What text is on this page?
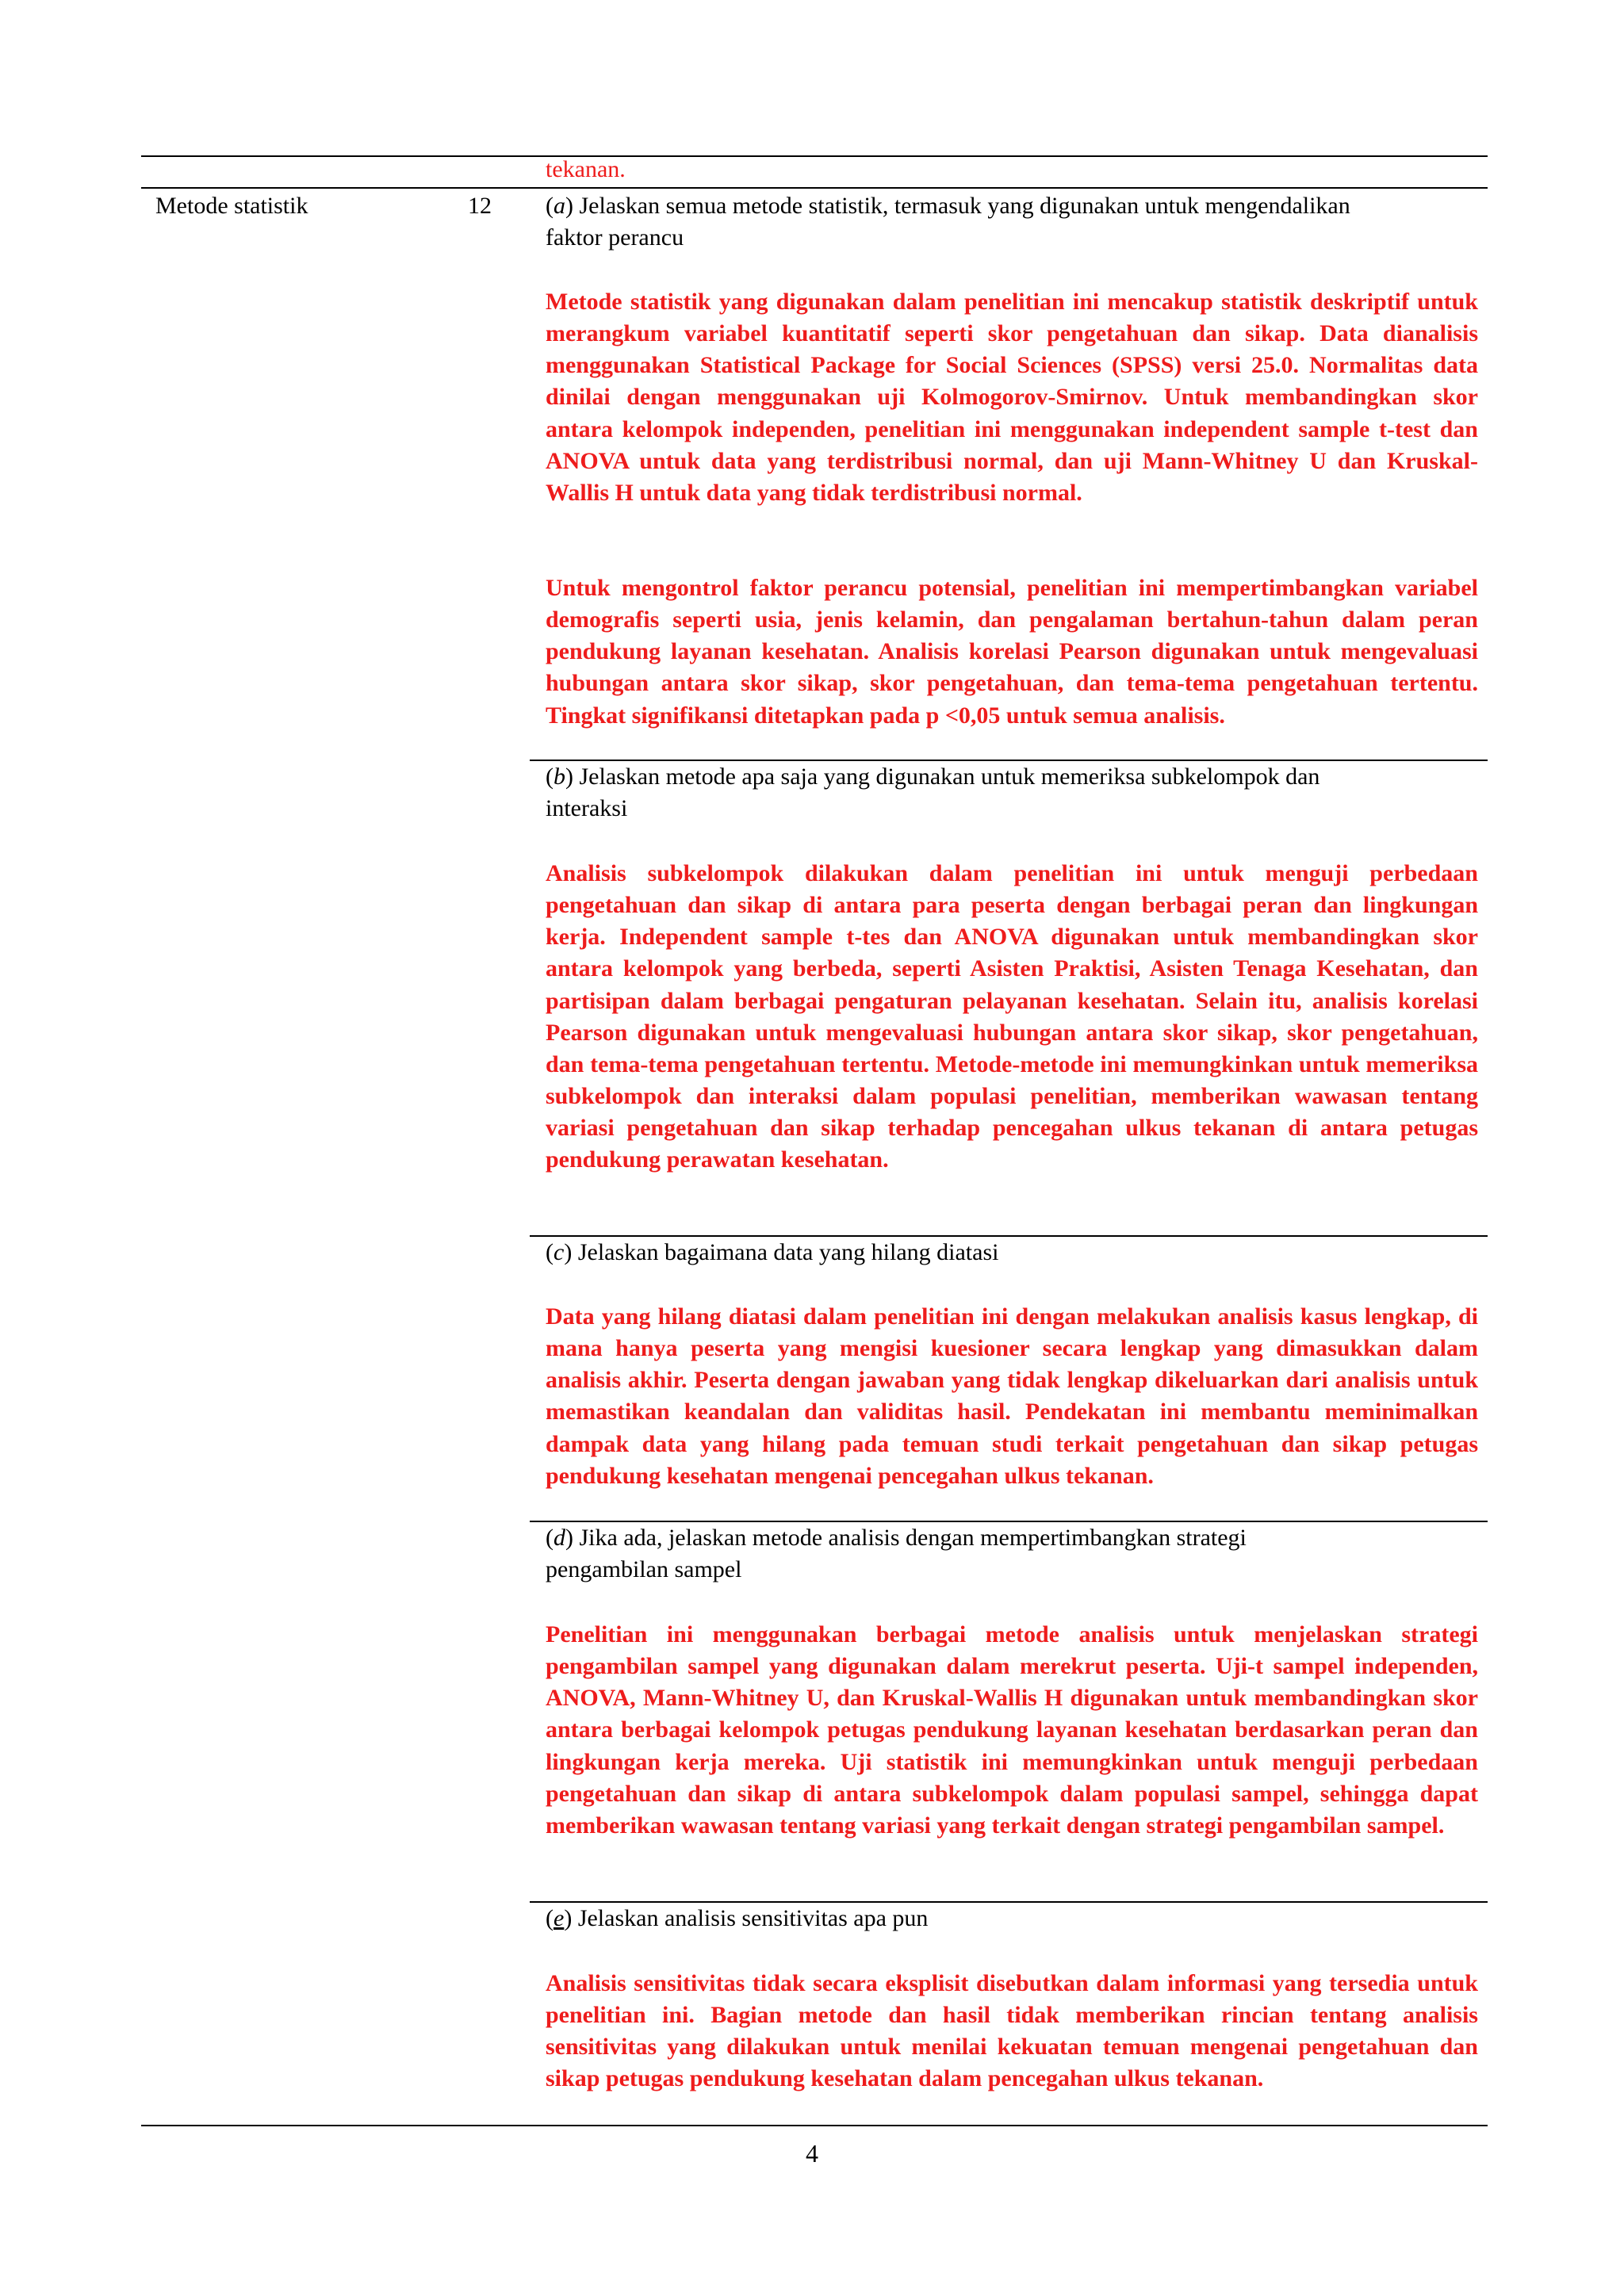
tekanan.
Metode statistik	12 (a) Jelaskan semua metode statistik, termasuk yang digunakan untuk mengendalikan
faktor perancu
Metode statistik yang digunakan dalam penelitian ini mencakup statistik deskriptif untuk merangkum variabel kuantitatif seperti skor pengetahuan dan sikap. Data dianalisis menggunakan Statistical Package for Social Sciences (SPSS) versi 25.0. Normalitas data dinilai dengan menggunakan uji Kolmogorov-Smirnov. Untuk membandingkan skor antara kelompok independen, penelitian ini menggunakan independent sample t-test dan ANOVA untuk data yang terdistribusi normal, dan uji Mann-Whitney U dan Kruskal-Wallis H untuk data yang tidak terdistribusi normal.
Untuk mengontrol faktor perancu potensial, penelitian ini mempertimbangkan variabel demografis seperti usia, jenis kelamin, dan pengalaman bertahun-tahun dalam peran pendukung layanan kesehatan. Analisis korelasi Pearson digunakan untuk mengevaluasi hubungan antara skor sikap, skor pengetahuan, dan tema-tema pengetahuan tertentu. Tingkat signifikansi ditetapkan pada p <0,05 untuk semua analisis.
(b) Jelaskan metode apa saja yang digunakan untuk memeriksa subkelompok dan
interaksi
Analisis subkelompok dilakukan dalam penelitian ini untuk menguji perbedaan pengetahuan dan sikap di antara para peserta dengan berbagai peran dan lingkungan kerja. Independent sample t-tes dan ANOVA digunakan untuk membandingkan skor antara kelompok yang berbeda, seperti Asisten Praktisi, Asisten Tenaga Kesehatan, dan partisipan dalam berbagai pengaturan pelayanan kesehatan. Selain itu, analisis korelasi Pearson digunakan untuk mengevaluasi hubungan antara skor sikap, skor pengetahuan, dan tema-tema pengetahuan tertentu. Metode-metode ini memungkinkan untuk memeriksa subkelompok dan interaksi dalam populasi penelitian, memberikan wawasan tentang variasi pengetahuan dan sikap terhadap pencegahan ulkus tekanan di antara petugas pendukung perawatan kesehatan.
(c) Jelaskan bagaimana data yang hilang diatasi
Data yang hilang diatasi dalam penelitian ini dengan melakukan analisis kasus lengkap, di mana hanya peserta yang mengisi kuesioner secara lengkap yang dimasukkan dalam analisis akhir. Peserta dengan jawaban yang tidak lengkap dikeluarkan dari analisis untuk memastikan keandalan dan validitas hasil. Pendekatan ini membantu meminimalkan dampak data yang hilang pada temuan studi terkait pengetahuan dan sikap petugas pendukung kesehatan mengenai pencegahan ulkus tekanan.
(d) Jika ada, jelaskan metode analisis dengan mempertimbangkan strategi
pengambilan sampel
Penelitian ini menggunakan berbagai metode analisis untuk menjelaskan strategi pengambilan sampel yang digunakan dalam merekrut peserta. Uji-t sampel independen, ANOVA, Mann-Whitney U, dan Kruskal-Wallis H digunakan untuk membandingkan skor antara berbagai kelompok petugas pendukung layanan kesehatan berdasarkan peran dan lingkungan kerja mereka. Uji statistik ini memungkinkan untuk menguji perbedaan pengetahuan dan sikap di antara subkelompok dalam populasi sampel, sehingga dapat memberikan wawasan tentang variasi yang terkait dengan strategi pengambilan sampel.
(e) Jelaskan analisis sensitivitas apa pun
Analisis sensitivitas tidak secara eksplisit disebutkan dalam informasi yang tersedia untuk penelitian ini. Bagian metode dan hasil tidak memberikan rincian tentang analisis sensitivitas yang dilakukan untuk menilai kekuatan temuan mengenai pengetahuan dan sikap petugas pendukung kesehatan dalam pencegahan ulkus tekanan.
4
